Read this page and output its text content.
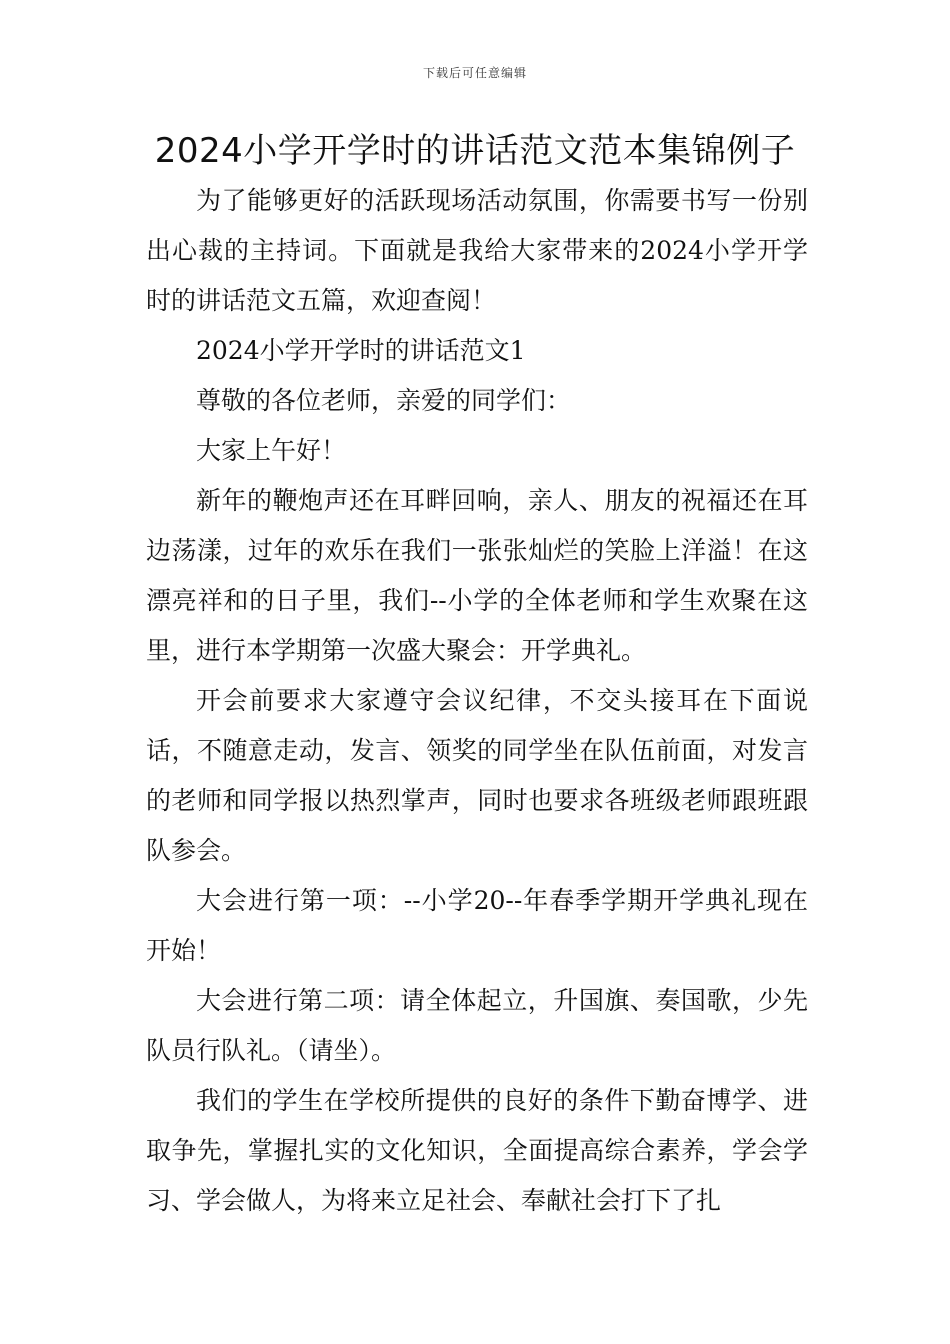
下载后可任意编辑
2024小学开学时的讲话范文范本集锦例子

为了能够更好的活跃现场活动氛围，你需要书写一份别出心裁的主持词。下面就是我给大家带来的2024小学开学时的讲话范文五篇，欢迎查阅！

2024小学开学时的讲话范文1

尊敬的各位老师，亲爱的同学们：

大家上午好！

新年的鞭炮声还在耳畔回响，亲人、朋友的祝福还在耳边荡漾，过年的欢乐在我们一张张灿烂的笑脸上洋溢！在这漂亮祥和的日子里，我们--小学的全体老师和学生欢聚在这里，进行本学期第一次盛大聚会：开学典礼。

开会前要求大家遵守会议纪律，不交头接耳在下面说话，不随意走动，发言、领奖的同学坐在队伍前面，对发言的老师和同学报以热烈掌声，同时也要求各班级老师跟班跟队参会。

大会进行第一项：--小学20--年春季学期开学典礼现在开始！

大会进行第二项：请全体起立，升国旗、奏国歌，少先队员行队礼。（请坐）。

我们的学生在学校所提供的良好的条件下勤奋博学、进取争先，掌握扎实的文化知识，全面提高综合素养，学会学习、学会做人，为将来立足社会、奉献社会打下了扎
